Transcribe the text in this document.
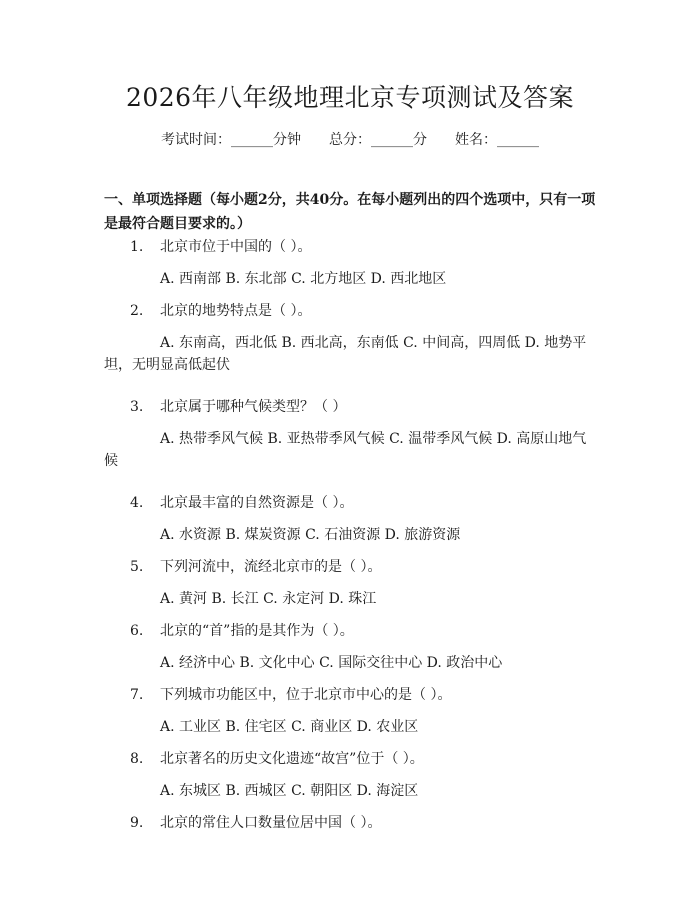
2026年八年级地理北京专项测试及答案
考试时间：______分钟 总分：______分 姓名：______

一、单项选择题（每小题2分，共40分。在每小题列出的四个选项中，只有一项是最符合题目要求的。）

1. 北京市位于中国的（ ）。

A. 西南部 B. 东北部 C. 北方地区 D. 西北地区

2. 北京的地势特点是（ ）。

A. 东南高，西北低 B. 西北高，东南低 C. 中间高，四周低 D. 地势平坦，无明显高低起伏

3. 北京属于哪种气候类型？（ ）

A. 热带季风气候 B. 亚热带季风气候 C. 温带季风气候 D. 高原山地气候

4. 北京最丰富的自然资源是（ ）。

A. 水资源 B. 煤炭资源 C. 石油资源 D. 旅游资源

5. 下列河流中，流经北京市的是（ ）。

A. 黄河 B. 长江 C. 永定河 D. 珠江

6. 北京的“首”指的是其作为（ ）。

A. 经济中心 B. 文化中心 C. 国际交往中心 D. 政治中心

7. 下列城市功能区中，位于北京市中心的是（ ）。

A. 工业区 B. 住宅区 C. 商业区 D. 农业区

8. 北京著名的历史文化遗迹“故宫”位于（ ）。

A. 东城区 B. 西城区 C. 朝阳区 D. 海淀区

9. 北京的常住人口数量位居中国（ ）。
